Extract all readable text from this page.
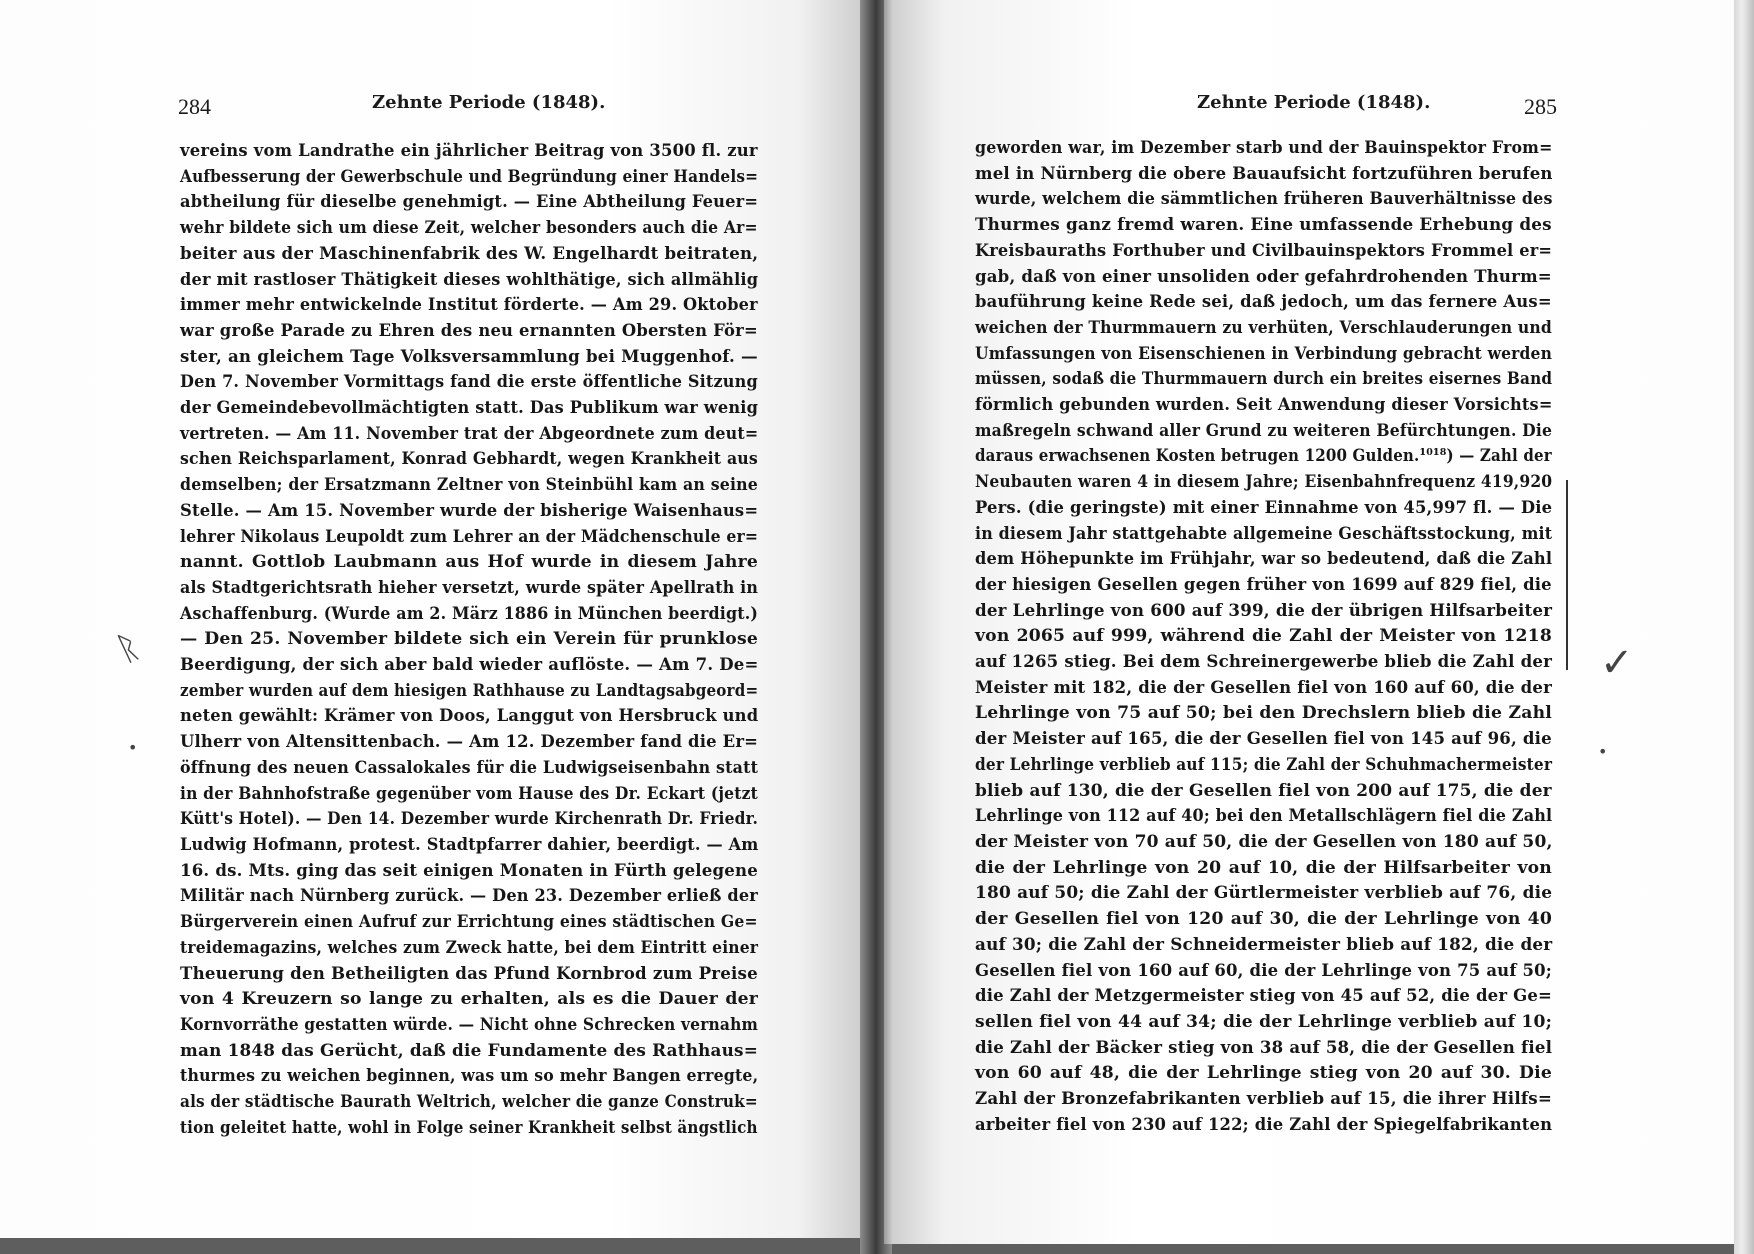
284	Zehnte Periode (1848).
vereins vom Landrathe ein jährlicher Beitrag von 3500 fl. zur
Aufbesserung der Gewerbschule und Begründung einer Handels=
abtheilung für dieselbe genehmigt. — Eine Abtheilung Feuer=
wehr bildete sich um diese Zeit, welcher besonders auch die Ar=
beiter aus der Maschinenfabrik des W. Engelhardt beitraten,
der mit rastloser Thätigkeit dieses wohlthätige, sich allmählig
immer mehr entwickelnde Institut förderte. — Am 29. Oktober
war große Parade zu Ehren des neu ernannten Obersten För=
ster, an gleichem Tage Volksversammlung bei Muggenhof. —
Den 7. November Vormittags fand die erste öffentliche Sitzung
der Gemeindebevollmächtigten statt. Das Publikum war wenig
vertreten. — Am 11. November trat der Abgeordnete zum deut=
schen Reichsparlament, Konrad Gebhardt, wegen Krankheit aus
demselben; der Ersatzmann Zeltner von Steinbühl kam an seine
Stelle. — Am 15. November wurde der bisherige Waisenhaus=
lehrer Nikolaus Leupoldt zum Lehrer an der Mädchenschule er=
nannt. Gottlob Laubmann aus Hof wurde in diesem Jahre
als Stadtgerichtsrath hieher versetzt, wurde später Apellrath in
Aschaffenburg. (Wurde am 2. März 1886 in München beerdigt.)
— Den 25. November bildete sich ein Verein für prunklose
Beerdigung, der sich aber bald wieder auflöste. — Am 7. De=
zember wurden auf dem hiesigen Rathhause zu Landtagsabgeord=
neten gewählt: Krämer von Doos, Langgut von Hersbruck und
Ulherr von Altensittenbach. — Am 12. Dezember fand die Er=
öffnung des neuen Cassalokales für die Ludwigseisenbahn statt
in der Bahnhofstraße gegenüber vom Hause des Dr. Eckart (jetzt
Kütt's Hotel). — Den 14. Dezember wurde Kirchenrath Dr. Friedr.
Ludwig Hofmann, protest. Stadtpfarrer dahier, beerdigt. — Am
16. ds. Mts. ging das seit einigen Monaten in Fürth gelegene
Militär nach Nürnberg zurück. — Den 23. Dezember erließ der
Bürgerverein einen Aufruf zur Errichtung eines städtischen Ge=
treidemagazins, welches zum Zweck hatte, bei dem Eintritt einer
Theuerung den Betheiligten das Pfund Kornbrod zum Preise
von 4 Kreuzern so lange zu erhalten, als es die Dauer der
Kornvorräthe gestatten würde. — Nicht ohne Schrecken vernahm
man 1848 das Gerücht, daß die Fundamente des Rathhaus=
thurmes zu weichen beginnen, was um so mehr Bangen erregte,
als der städtische Baurath Weltrich, welcher die ganze Construk=
tion geleitet hatte, wohl in Folge seiner Krankheit selbst ängstlich
ᚱ
•
Zehnte Periode (1848).	285
geworden war, im Dezember starb und der Bauinspektor From=
mel in Nürnberg die obere Bauaufsicht fortzuführen berufen
wurde, welchem die sämmtlichen früheren Bauverhältnisse des
Thurmes ganz fremd waren. Eine umfassende Erhebung des
Kreisbauraths Forthuber und Civilbauinspektors Frommel er=
gab, daß von einer unsoliden oder gefahrdrohenden Thurm=
bauführung keine Rede sei, daß jedoch, um das fernere Aus=
weichen der Thurmmauern zu verhüten, Verschlauderungen und
Umfassungen von Eisenschienen in Verbindung gebracht werden
müssen, sodaß die Thurmmauern durch ein breites eisernes Band
förmlich gebunden wurden. Seit Anwendung dieser Vorsichts=
maßregeln schwand aller Grund zu weiteren Befürchtungen. Die
daraus erwachsenen Kosten betrugen 1200 Gulden.¹⁰¹⁸) — Zahl der
Neubauten waren 4 in diesem Jahre; Eisenbahnfrequenz 419,920
Pers. (die geringste) mit einer Einnahme von 45,997 fl. — Die
in diesem Jahr stattgehabte allgemeine Geschäftsstockung, mit
dem Höhepunkte im Frühjahr, war so bedeutend, daß die Zahl
der hiesigen Gesellen gegen früher von 1699 auf 829 fiel, die
der Lehrlinge von 600 auf 399, die der übrigen Hilfsarbeiter
von 2065 auf 999, während die Zahl der Meister von 1218
auf 1265 stieg. Bei dem Schreinergewerbe blieb die Zahl der
Meister mit 182, die der Gesellen fiel von 160 auf 60, die der
Lehrlinge von 75 auf 50; bei den Drechslern blieb die Zahl
der Meister auf 165, die der Gesellen fiel von 145 auf 96, die
der Lehrlinge verblieb auf 115; die Zahl der Schuhmachermeister
blieb auf 130, die der Gesellen fiel von 200 auf 175, die der
Lehrlinge von 112 auf 40; bei den Metallschlägern fiel die Zahl
der Meister von 70 auf 50, die der Gesellen von 180 auf 50,
die der Lehrlinge von 20 auf 10, die der Hilfsarbeiter von
180 auf 50; die Zahl der Gürtlermeister verblieb auf 76, die
der Gesellen fiel von 120 auf 30, die der Lehrlinge von 40
auf 30; die Zahl der Schneidermeister blieb auf 182, die der
Gesellen fiel von 160 auf 60, die der Lehrlinge von 75 auf 50;
die Zahl der Metzgermeister stieg von 45 auf 52, die der Ge=
sellen fiel von 44 auf 34; die der Lehrlinge verblieb auf 10;
die Zahl der Bäcker stieg von 38 auf 58, die der Gesellen fiel
von 60 auf 48, die der Lehrlinge stieg von 20 auf 30. Die
Zahl der Bronzefabrikanten verblieb auf 15, die ihrer Hilfs=
arbeiter fiel von 230 auf 122; die Zahl der Spiegelfabrikanten
✓
•
